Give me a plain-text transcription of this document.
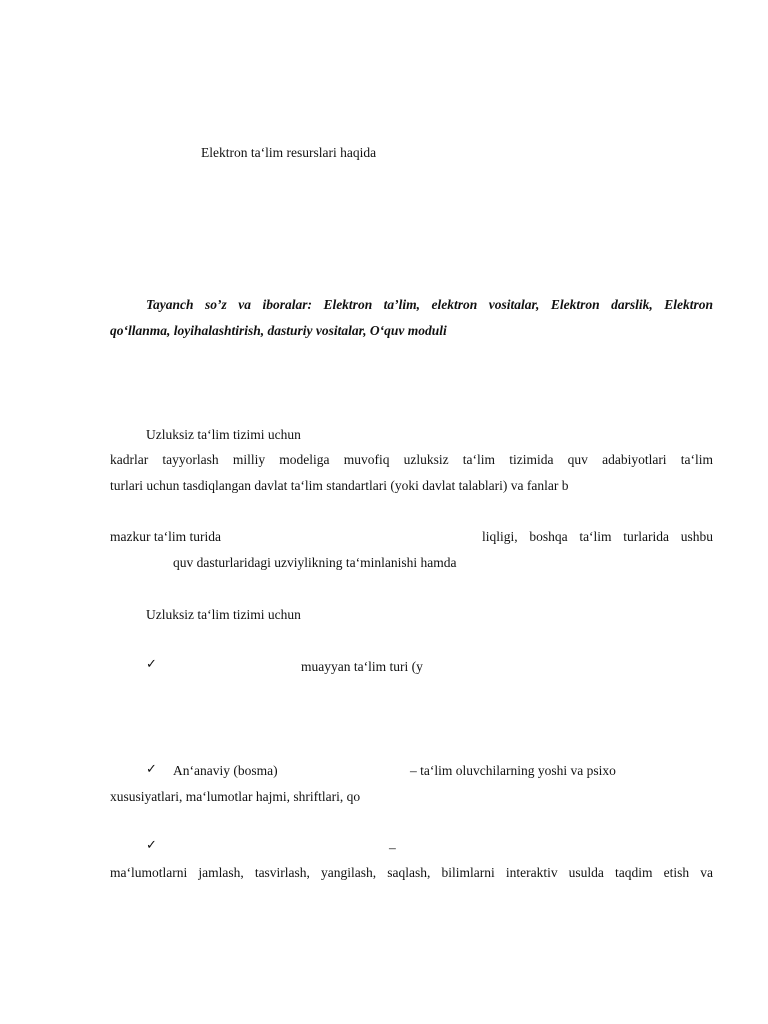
Elektron ta‘lim resurslari haqida
Tayanch so’z va iboralar: Elektron ta’lim, elektron vositalar, Elektron darslik, Elektron
qo‘llanma, loyihalashtirish, dasturiy vositalar, O‘quv moduli
Uzluksiz ta‘lim tizimi uchun
kadrlar tayyorlash milliy modeliga muvofiq uzluksiz ta‘lim tizimida quv adabiyotlari ta‘lim
turlari uchun tasdiqlangan davlat ta‘lim standartlari (yoki davlat talablari) va fanlar b
mazkur ta‘lim turida	liqligi, boshqa ta‘lim turlarida ushbu
quv dasturlaridagi uzviylikning ta‘minlanishi hamda
Uzluksiz ta‘lim tizimi uchun
✓	muayyan ta‘lim turi (y
✓ An‘anaviy (bosma)	– ta‘lim oluvchilarning yoshi va psixo
xususiyatlari, ma‘lumotlar hajmi, shriftlari, qo
✓	–
ma‘lumotlarni jamlash, tasvirlash, yangilash, saqlash, bilimlarni interaktiv usulda taqdim etish va
